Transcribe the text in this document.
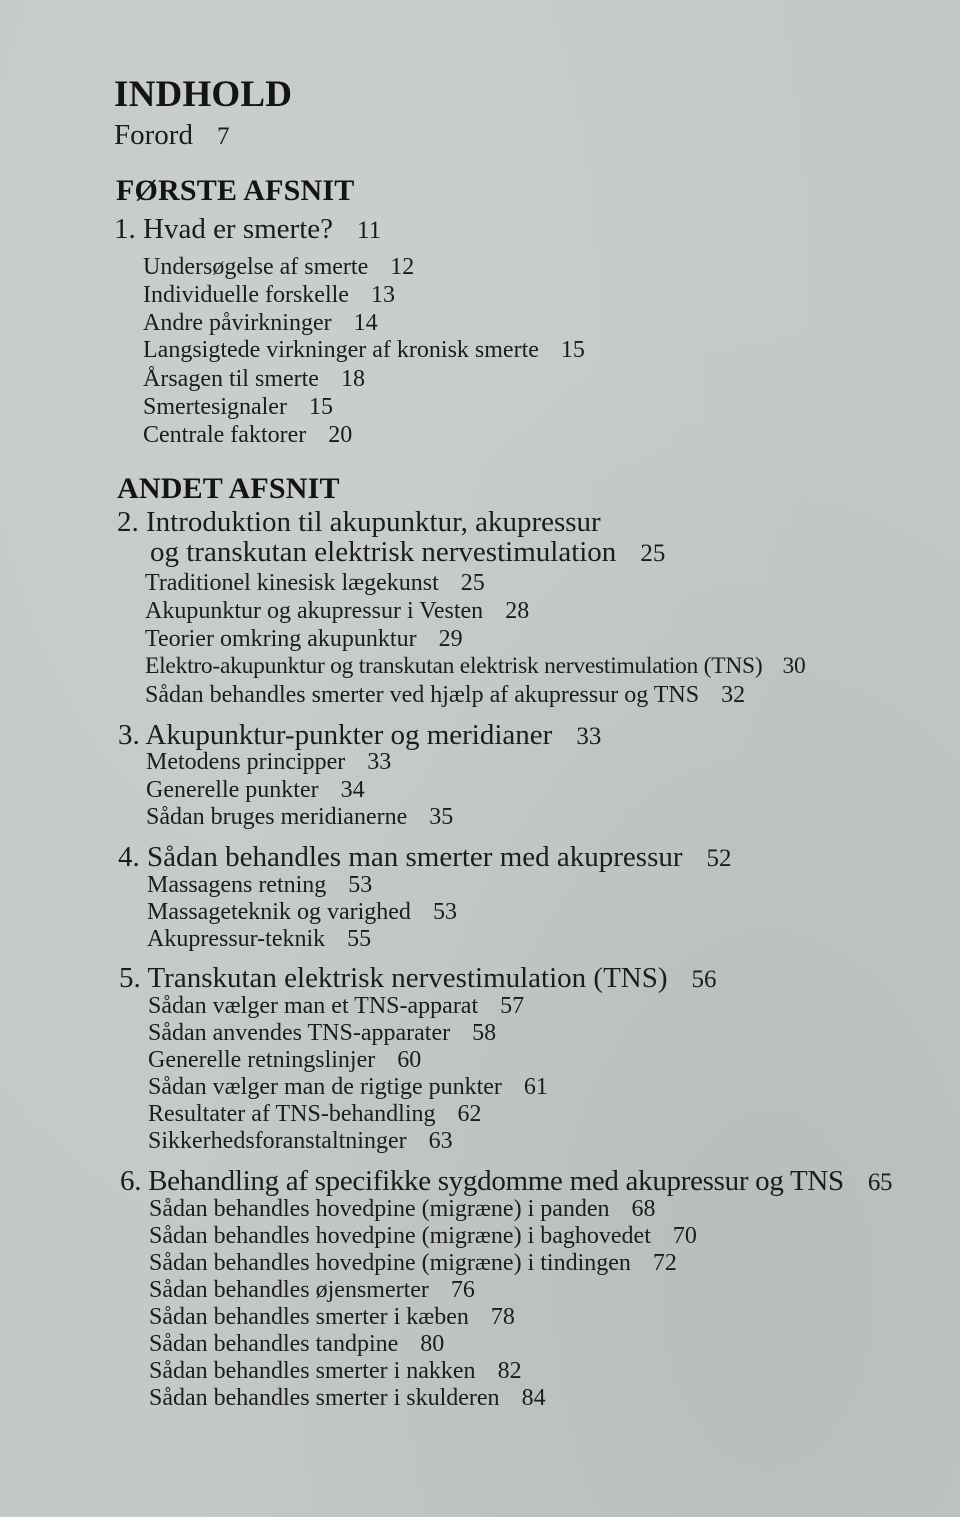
INDHOLD
Forord 7
FØRSTE AFSNIT
1. Hvad er smerte? 11
Undersøgelse af smerte 12
Individuelle forskelle 13
Andre påvirkninger 14
Langsigtede virkninger af kronisk smerte 15
Årsagen til smerte 18
Smertesignaler 15
Centrale faktorer 20
ANDET AFSNIT
2. Introduktion til akupunktur, akupressur
og transkutan elektrisk nervestimulation 25
Traditionel kinesisk lægekunst 25
Akupunktur og akupressur i Vesten 28
Teorier omkring akupunktur 29
Elektro-akupunktur og transkutan elektrisk nervestimulation (TNS) 30
Sådan behandles smerter ved hjælp af akupressur og TNS 32
3. Akupunktur-punkter og meridianer 33
Metodens principper 33
Generelle punkter 34
Sådan bruges meridianerne 35
4. Sådan behandles man smerter med akupressur 52
Massagens retning 53
Massageteknik og varighed 53
Akupressur-teknik 55
5. Transkutan elektrisk nervestimulation (TNS) 56
Sådan vælger man et TNS-apparat 57
Sådan anvendes TNS-apparater 58
Generelle retningslinjer 60
Sådan vælger man de rigtige punkter 61
Resultater af TNS-behandling 62
Sikkerhedsforanstaltninger 63
6. Behandling af specifikke sygdomme med akupressur og TNS 65
Sådan behandles hovedpine (migræne) i panden 68
Sådan behandles hovedpine (migræne) i baghovedet 70
Sådan behandles hovedpine (migræne) i tindingen 72
Sådan behandles øjensmerter 76
Sådan behandles smerter i kæben 78
Sådan behandles tandpine 80
Sådan behandles smerter i nakken 82
Sådan behandles smerter i skulderen 84
